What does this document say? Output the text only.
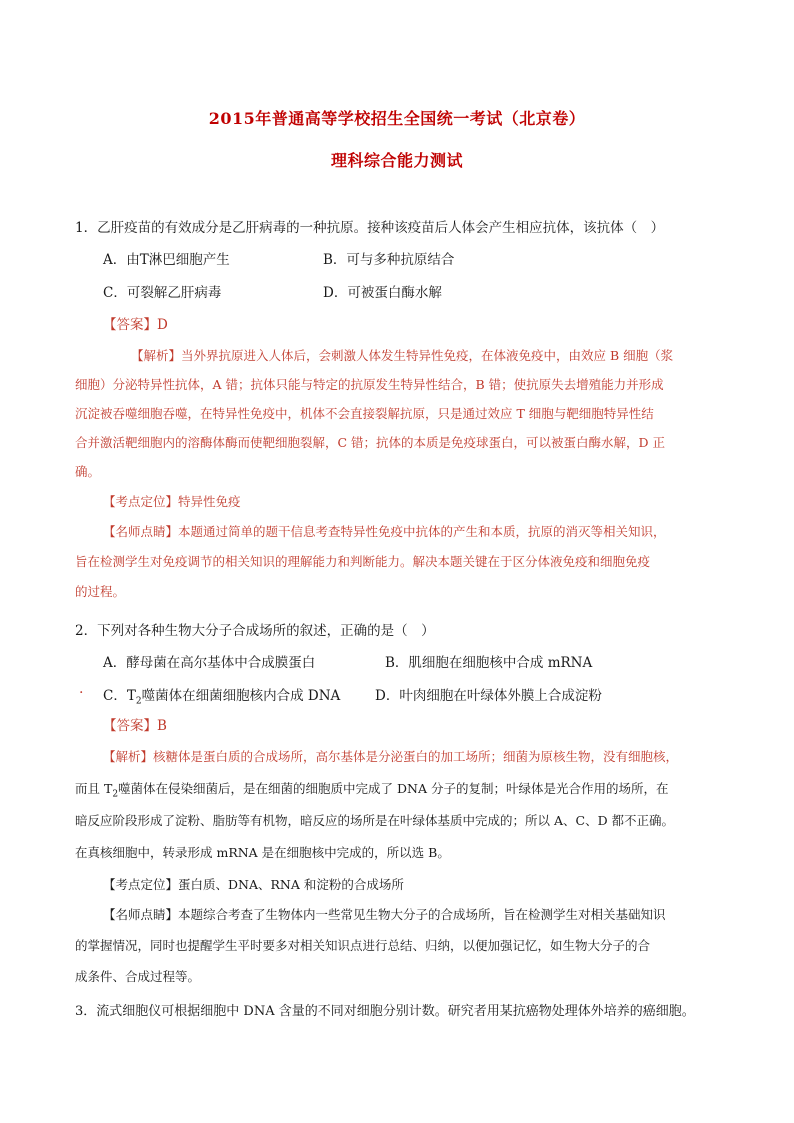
2015年普通高等学校招生全国统一考试（北京卷）
理科综合能力测试
1．乙肝疫苗的有效成分是乙肝病毒的一种抗原。接种该疫苗后人体会产生相应抗体，该抗体（　）
A．由T淋巴细胞产生	B．可与多种抗原结合
C．可裂解乙肝病毒	D．可被蛋白酶水解
【答案】D
【解析】当外界抗原进入人体后，会刺激人体发生特异性免疫，在体液免疫中，由效应 B 细胞（浆
细胞）分泌特异性抗体，A 错；抗体只能与特定的抗原发生特异性结合，B 错；使抗原失去增殖能力并形成
沉淀被吞噬细胞吞噬，在特异性免疫中，机体不会直接裂解抗原，只是通过效应 T 细胞与靶细胞特异性结
合并激活靶细胞内的溶酶体酶而使靶细胞裂解，C 错；抗体的本质是免疫球蛋白，可以被蛋白酶水解，D 正
确。
【考点定位】特异性免疫
【名师点睛】本题通过简单的题干信息考查特异性免疫中抗体的产生和本质，抗原的消灭等相关知识，
旨在检测学生对免疫调节的相关知识的理解能力和判断能力。解决本题关键在于区分体液免疫和细胞免疫
的过程。
2．下列对各种生物大分子合成场所的叙述，正确的是（　）
A．酵母菌在高尔基体中合成膜蛋白	B．肌细胞在细胞核中合成 mRNA
. C．$T_2$噬菌体在细菌细胞核内合成 DNA	D．叶肉细胞在叶绿体外膜上合成淀粉
【答案】B
【解析】核糖体是蛋白质的合成场所，高尔基体是分泌蛋白的加工场所；细菌为原核生物，没有细胞核，
而且 $T_2$噬菌体在侵染细菌后，是在细菌的细胞质中完成了 DNA 分子的复制；叶绿体是光合作用的场所，在
暗反应阶段形成了淀粉、脂肪等有机物，暗反应的场所是在叶绿体基质中完成的；所以 A、C、D 都不正确。
在真核细胞中，转录形成 mRNA 是在细胞核中完成的，所以选 B。
【考点定位】蛋白质、DNA、RNA 和淀粉的合成场所
【名师点睛】本题综合考查了生物体内一些常见生物大分子的合成场所，旨在检测学生对相关基础知识
的掌握情况，同时也提醒学生平时要多对相关知识点进行总结、归纳，以便加强记忆，如生物大分子的合
成条件、合成过程等。
3．流式细胞仪可根据细胞中 DNA 含量的不同对细胞分别计数。研究者用某抗癌物处理体外培养的癌细胞。
